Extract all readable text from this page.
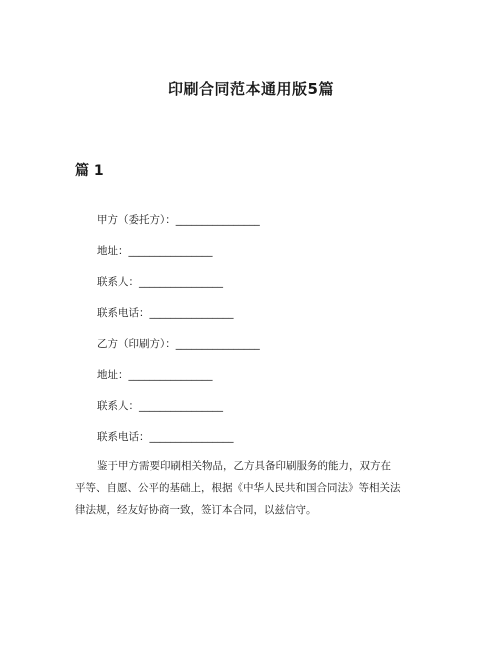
印刷合同范本通用版5篇
篇 1
甲方（委托方）：________________
地址：________________
联系人：________________
联系电话：________________
乙方（印刷方）：________________
地址：________________
联系人：________________
联系电话：________________
鉴于甲方需要印刷相关物品，乙方具备印刷服务的能力，双方在
平等、自愿、公平的基础上，根据《中华人民共和国合同法》等相关法
律法规，经友好协商一致，签订本合同，以兹信守。
